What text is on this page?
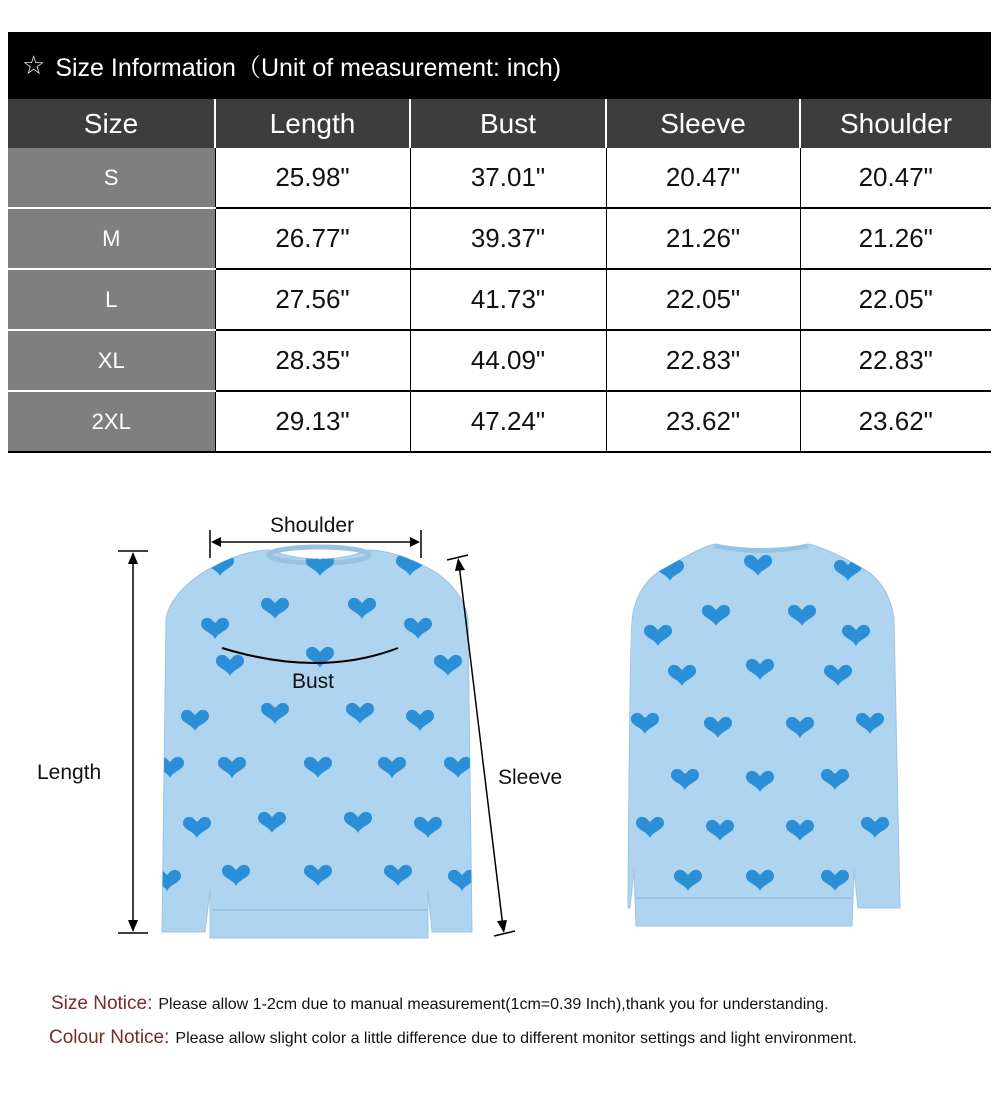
☆ Size Information（Unit of measurement: inch)
Size	Length	Bust	Sleeve	Shoulder
S	25.98"	37.01"	20.47"	20.47"
M	26.77"	39.37"	21.26"	21.26"
L	27.56"	41.73"	22.05"	22.05"
XL	28.35"	44.09"	22.83"	22.83"
2XL	29.13"	47.24"	23.62"	23.62"
Shoulder
Bust
Length	Sleeve
Size Notice: Please allow 1-2cm due to manual measurement(1cm=0.39 Inch),thank you for understanding.
Colour Notice: Please allow slight color a little difference due to different monitor settings and light environment.
